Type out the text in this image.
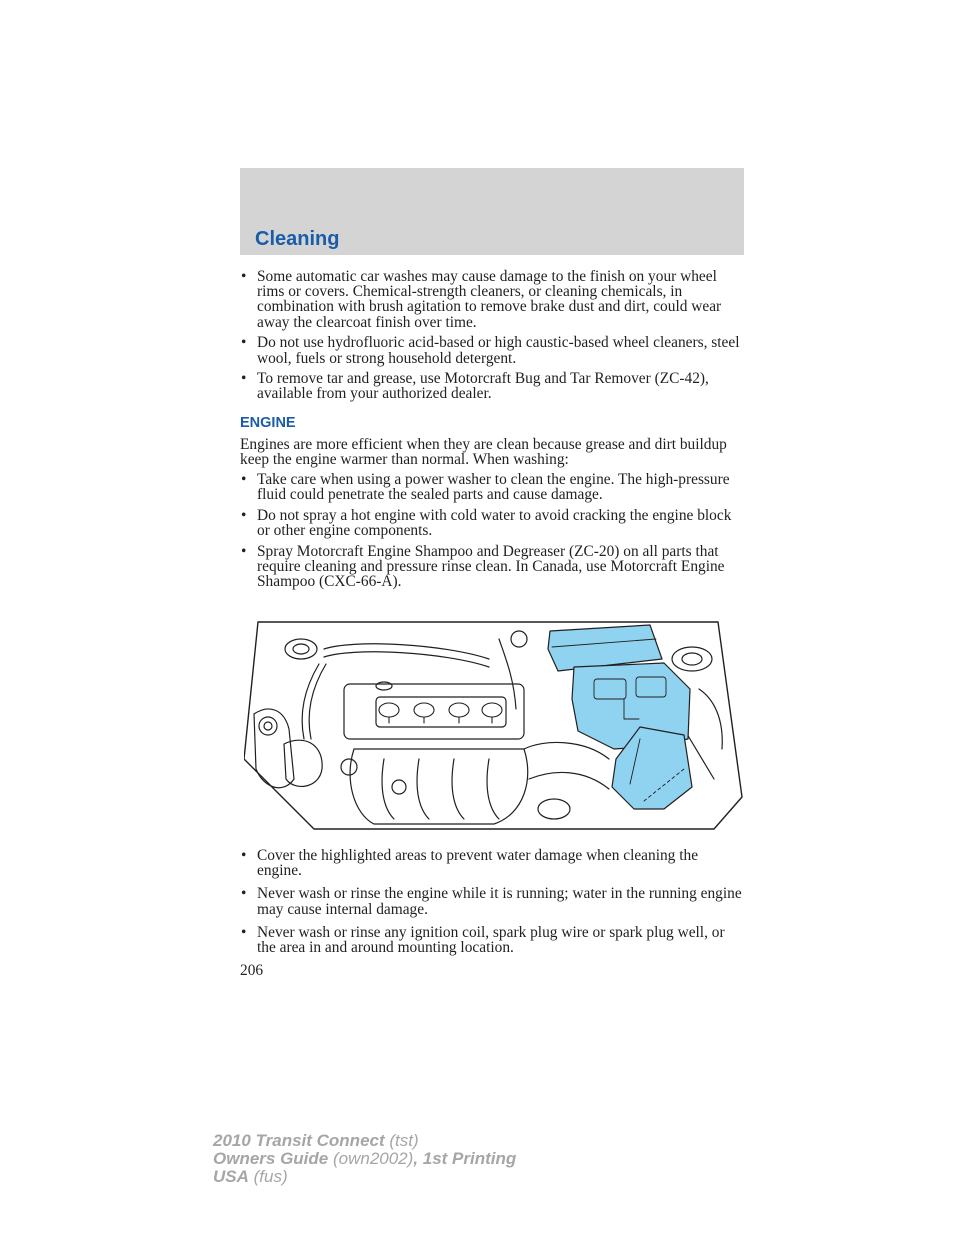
Cleaning
• Some automatic car washes may cause damage to the finish on your wheel rims or covers. Chemical-strength cleaners, or cleaning chemicals, in combination with brush agitation to remove brake dust and dirt, could wear away the clearcoat finish over time.
• Do not use hydrofluoric acid-based or high caustic-based wheel cleaners, steel wool, fuels or strong household detergent.
• To remove tar and grease, use Motorcraft Bug and Tar Remover (ZC-42), available from your authorized dealer.
ENGINE

Engines are more efficient when they are clean because grease and dirt buildup keep the engine warmer than normal. When washing:

• Take care when using a power washer to clean the engine. The high-pressure fluid could penetrate the sealed parts and cause damage.
• Do not spray a hot engine with cold water to avoid cracking the engine block or other engine components.
• Spray Motorcraft Engine Shampoo and Degreaser (ZC-20) on all parts that require cleaning and pressure rinse clean. In Canada, use Motorcraft Engine Shampoo (CXC-66-A).
• Cover the highlighted areas to prevent water damage when cleaning the engine.
• Never wash or rinse the engine while it is running; water in the running engine may cause internal damage.
• Never wash or rinse any ignition coil, spark plug wire or spark plug well, or the area in and around mounting location.
206
2010 Transit Connect (tst)
Owners Guide (own2002), 1st Printing
USA (fus)
